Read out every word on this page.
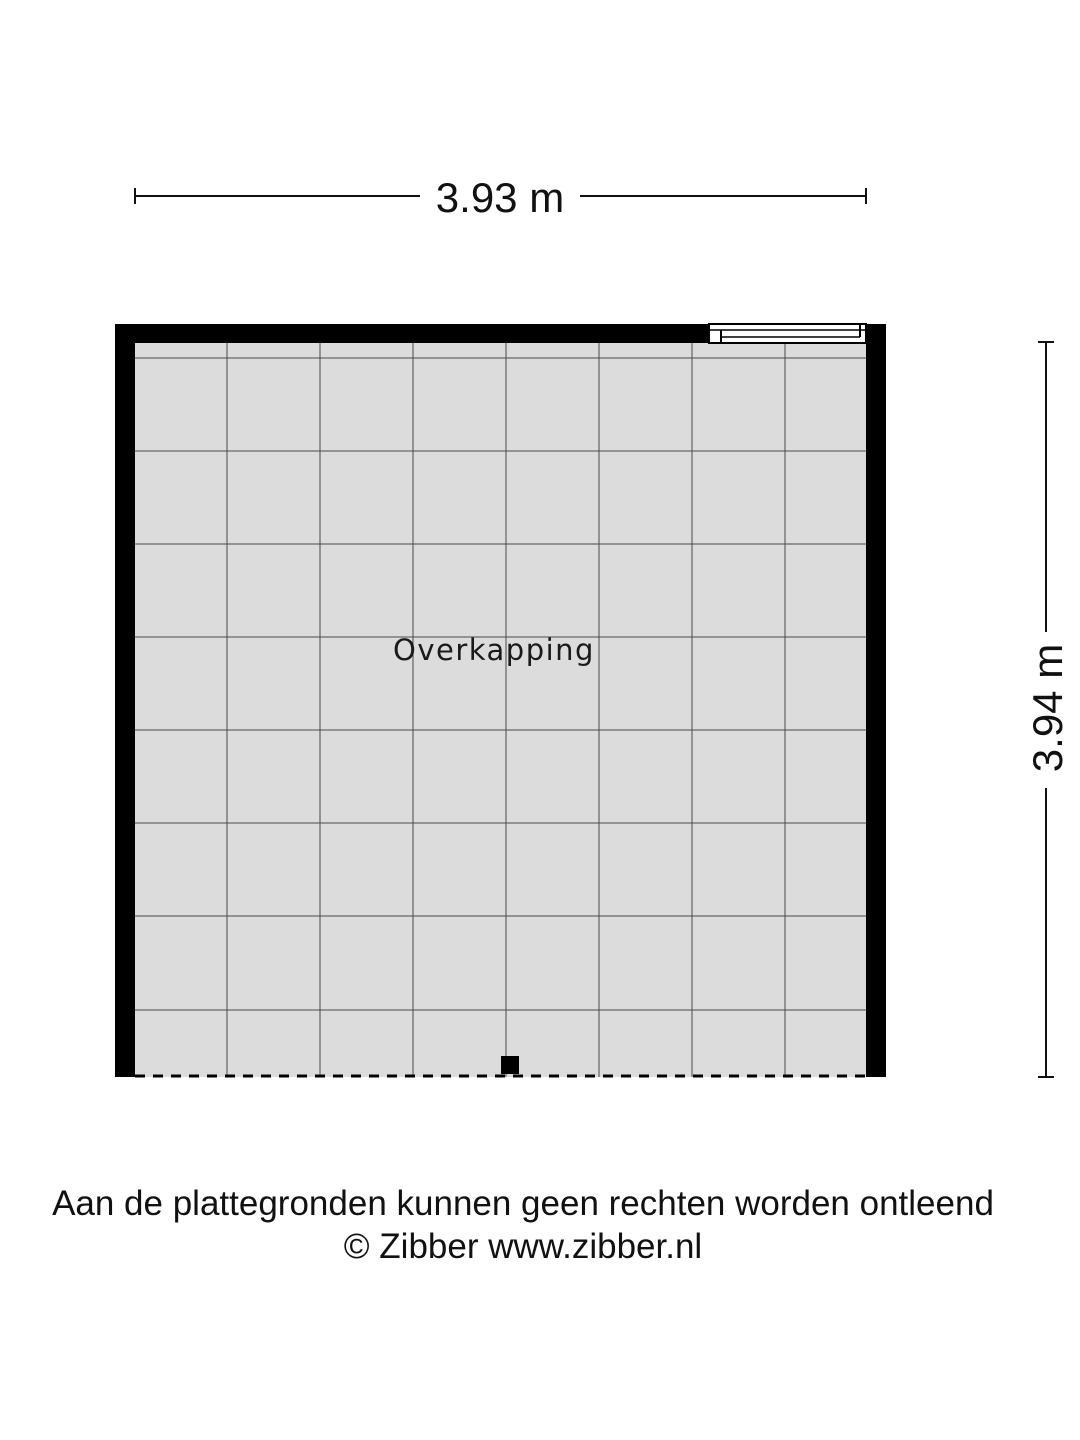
3.93 m
3.94 m
Overkapping
Aan de plattegronden kunnen geen rechten worden ontleend
© Zibber www.zibber.nl
